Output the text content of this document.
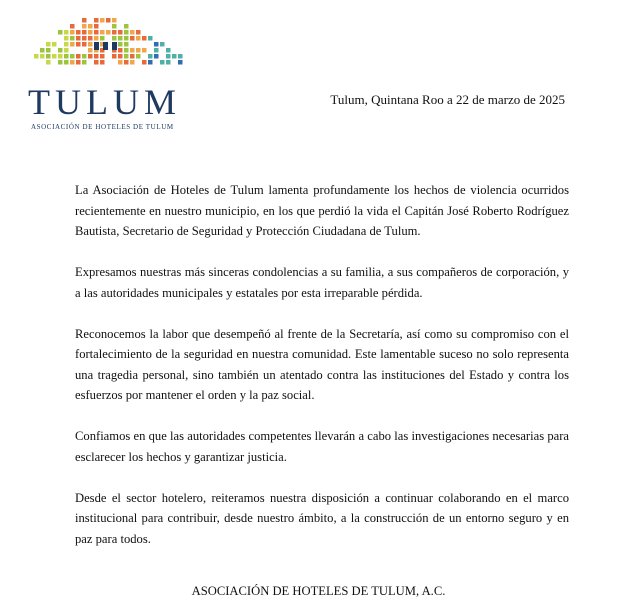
TULUM
ASOCIACIÓN DE HOTELES DE TULUM
Tulum, Quintana Roo a 22 de marzo de 2025

La Asociación de Hoteles de Tulum lamenta profundamente los hechos de violencia ocurridos recientemente en nuestro municipio, en los que perdió la vida el Capitán José Roberto Rodríguez Bautista, Secretario de Seguridad y Protección Ciudadana de Tulum.

Expresamos nuestras más sinceras condolencias a su familia, a sus compañeros de corporación, y a las autoridades municipales y estatales por esta irreparable pérdida.

Reconocemos la labor que desempeñó al frente de la Secretaría, así como su compromiso con el fortalecimiento de la seguridad en nuestra comunidad. Este lamentable suceso no solo representa una tragedia personal, sino también un atentado contra las instituciones del Estado y contra los esfuerzos por mantener el orden y la paz social.

Confiamos en que las autoridades competentes llevarán a cabo las investigaciones necesarias para esclarecer los hechos y garantizar justicia.

Desde el sector hotelero, reiteramos nuestra disposición a continuar colaborando en el marco institucional para contribuir, desde nuestro ámbito, a la construcción de un entorno seguro y en paz para todos.

ASOCIACIÓN DE HOTELES DE TULUM, A.C.
